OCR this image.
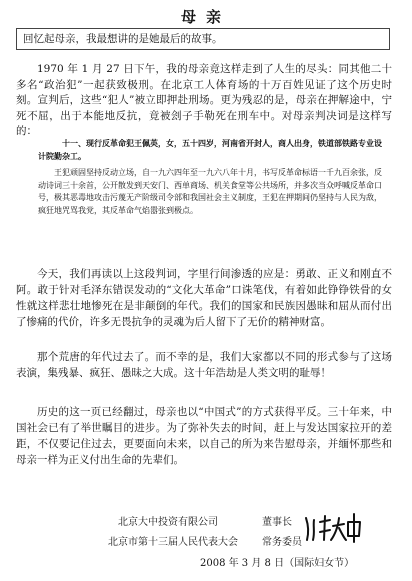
母亲
回忆起母亲，我最想讲的是她最后的故事。

1970 年 1 月 27 日下午，我的母亲竟这样走到了人生的尽头：同其他二十多名“政治犯”一起获致极刑。在北京工人体育场的十万百姓见证了这个历史时刻。宣判后，这些“犯人”被立即押赴刑场。更为残忍的是，母亲在押解途中，宁死不屈，出于本能地反抗，竟被刽子手勒死在刑车中。对母亲判决词是这样写的：

十一、现行反革命犯王佩英，女，五十四岁，河南省开封人，商人出身，铁道部铁路专业设计院勤杂工。

王犯顽固坚持反动立场，自一九六四年至一九六八年十月，书写反革命标语一千九百余张，反动诗词三十余首，公开散发到天安门、西单商场、机关食堂等公共场所，并多次当众呼喊反革命口号，极其恶毒地攻击污蔑无产阶级司令部和我国社会主义制度，王犯在押期间仍坚持与人民为敌，疯狂地咒骂我党，其反革命气焰嚣张到极点。

今天，我们再读以上这段判词，字里行间渗透的应是：勇敢、正义和刚直不阿。敢于针对毛泽东错误发动的“文化大革命”口诛笔伐，有着如此铮铮铁骨的女性就这样悲壮地惨死在是非颠倒的年代。我们的国家和民族因愚昧和屈从而付出了惨痛的代价，许多无畏抗争的灵魂为后人留下了无价的精神财富。

那个荒唐的年代过去了。而不幸的是，我们大家都以不同的形式参与了这场表演，集残暴、疯狂、愚昧之大成。这十年浩劫是人类文明的耻辱！

历史的这一页已经翻过，母亲也以“中国式”的方式获得平反。三十年来，中国社会已有了举世瞩目的进步。为了弥补失去的时间，赶上与发达国家拉开的差距，不仅要记住过去，更要面向未来，以自己的所为来告慰母亲，并缅怀那些和母亲一样为正义付出生命的先辈们。

北京大中投资有限公司	董事长
北京市第十三届人民代表大会 常务委员
2008 年 3 月 8 日（国际妇女节）
